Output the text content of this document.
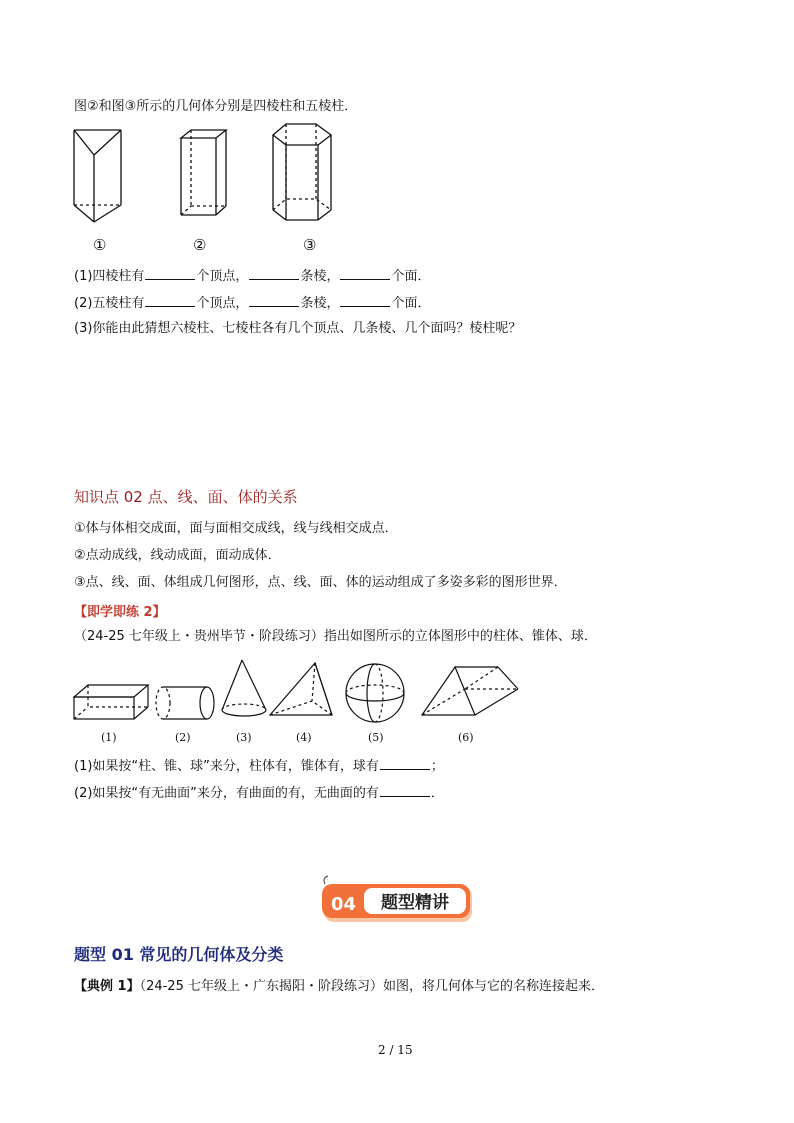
图②和图③所示的几何体分别是四棱柱和五棱柱．
①	②	③
(1)四棱柱有	个顶点，	条棱，	个面．
(2)五棱柱有	个顶点，	条棱，	个面．
(3)你能由此猜想六棱柱、七棱柱各有几个顶点、几条棱、几个面吗？棱柱呢？
知识点 02 点、线、面、体的关系
①体与体相交成面，面与面相交成线，线与线相交成点．
②点动成线，线动成面，面动成体．
③点、线、面、体组成几何图形，点、线、面、体的运动组成了多姿多彩的图形世界．
【即学即练 2】
（24-25 七年级上・贵州毕节・阶段练习）指出如图所示的立体图形中的柱体、锥体、球．
(1)	(2)	(3)	(4)	(5)	(6)
(1)如果按“柱、锥、球”来分，柱体有，锥体有，球有	；
(2)如果按“有无曲面”来分，有曲面的有，无曲面的有	．
04 题型精讲
题型 01 常见的几何体及分类
【典例 1】（24-25 七年级上・广东揭阳・阶段练习）如图，将几何体与它的名称连接起来．
2 / 15
